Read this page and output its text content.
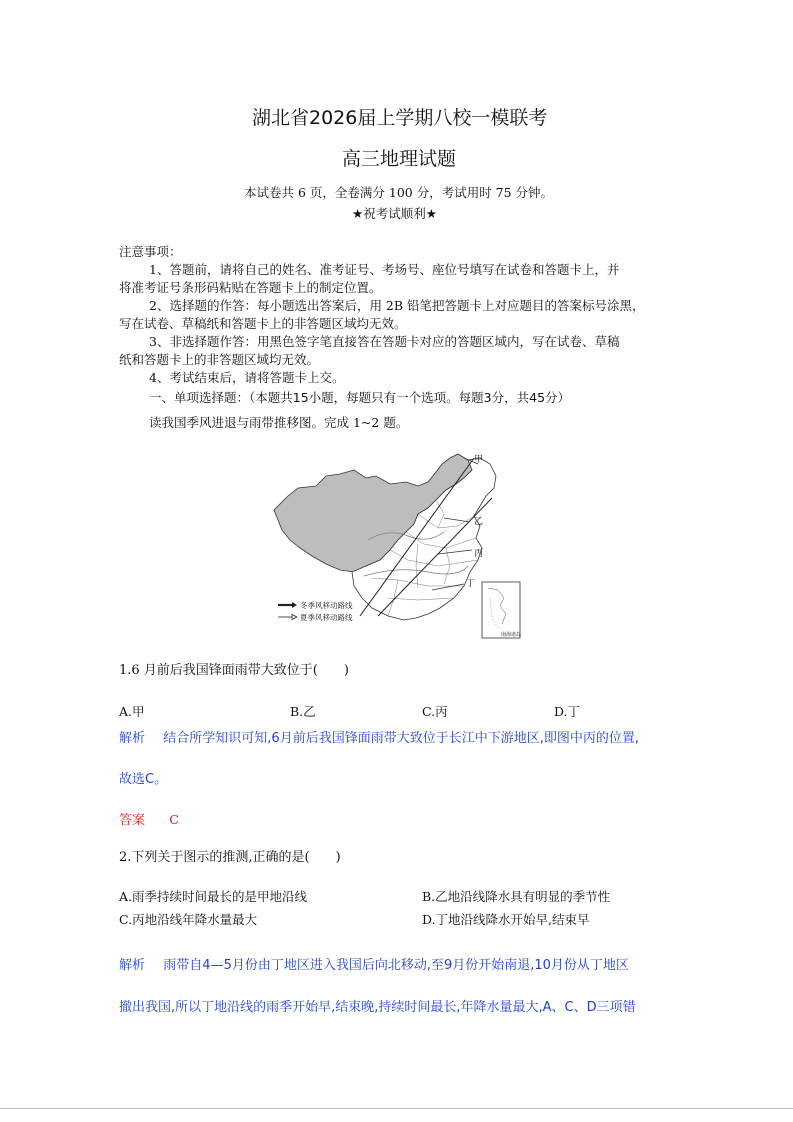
湖北省2026届上学期八校一模联考
高三地理试题
本试卷共 6 页，全卷满分 100 分，考试用时 75 分钟。
★祝考试顺利★
注意事项：
1、答题前，请将自己的姓名、准考证号、考场号、座位号填写在试卷和答题卡上，并
将准考证号条形码粘贴在答题卡上的制定位置。
2、选择题的作答：每小题选出答案后，用 2B 铅笔把答题卡上对应题目的答案标号涂黑，
写在试卷、草稿纸和答题卡上的非答题区域均无效。
3、非选择题作答：用黑色签字笔直接答在答题卡对应的答题区域内，写在试卷、草稿
纸和答题卡上的非答题区域均无效。
4、考试结束后，请将答题卡上交。
一、单项选择题：（本题共15小题，每题只有一个选项。每题3分，共45分）
读我国季风进退与雨带推移图。完成 1~2 题。
甲
乙
丙
丁
冬季风移动路线
夏季风移动路线
南海诸岛
1.6 月前后我国锋面雨带大致位于(　　)
A.甲	B.乙	C.丙	D.丁
解析 结合所学知识可知,6月前后我国锋面雨带大致位于长江中下游地区,即图中丙的位置,
故选C。
答案 C
2.下列关于图示的推测,正确的是(　　)
A.雨季持续时间最长的是甲地沿线	B.乙地沿线降水具有明显的季节性
C.丙地沿线年降水量最大	D.丁地沿线降水开始早,结束早
解析 雨带自4—5月份由丁地区进入我国后向北移动,至9月份开始南退,10月份从丁地区
撤出我国,所以丁地沿线的雨季开始早,结束晚,持续时间最长,年降水量最大,A、C、D三项错
